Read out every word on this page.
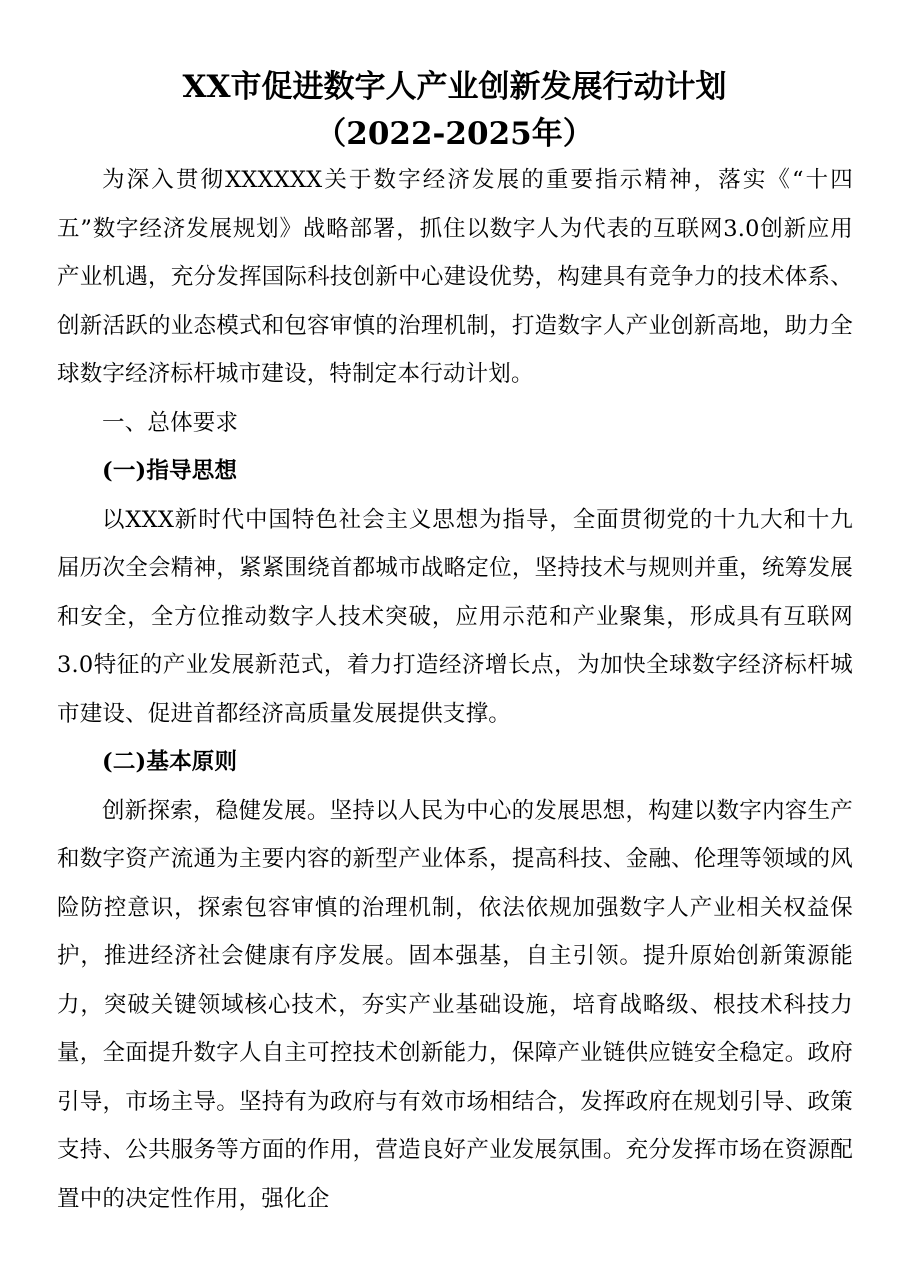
XX市促进数字人产业创新发展行动计划
（2022-2025年）

为深入贯彻XXXXXX关于数字经济发展的重要指示精神，落实《“十四五”数字经济发展规划》战略部署，抓住以数字人为代表的互联网3.0创新应用产业机遇，充分发挥国际科技创新中心建设优势，构建具有竞争力的技术体系、创新活跃的业态模式和包容审慎的治理机制，打造数字人产业创新高地，助力全球数字经济标杆城市建设，特制定本行动计划。

一、总体要求
(一)指导思想

以XXX新时代中国特色社会主义思想为指导，全面贯彻党的十九大和十九届历次全会精神，紧紧围绕首都城市战略定位，坚持技术与规则并重，统筹发展和安全，全方位推动数字人技术突破，应用示范和产业聚集，形成具有互联网3.0特征的产业发展新范式，着力打造经济增长点，为加快全球数字经济标杆城市建设、促进首都经济高质量发展提供支撑。

(二)基本原则

创新探索，稳健发展。坚持以人民为中心的发展思想，构建以数字内容生产和数字资产流通为主要内容的新型产业体系，提高科技、金融、伦理等领域的风险防控意识，探索包容审慎的治理机制，依法依规加强数字人产业相关权益保护，推进经济社会健康有序发展。固本强基，自主引领。提升原始创新策源能力，突破关键领域核心技术，夯实产业基础设施，培育战略级、根技术科技力量，全面提升数字人自主可控技术创新能力，保障产业链供应链安全稳定。政府引导，市场主导。坚持有为政府与有效市场相结合，发挥政府在规划引导、政策支持、公共服务等方面的作用，营造良好产业发展氛围。充分发挥市场在资源配置中的决定性作用，强化企
